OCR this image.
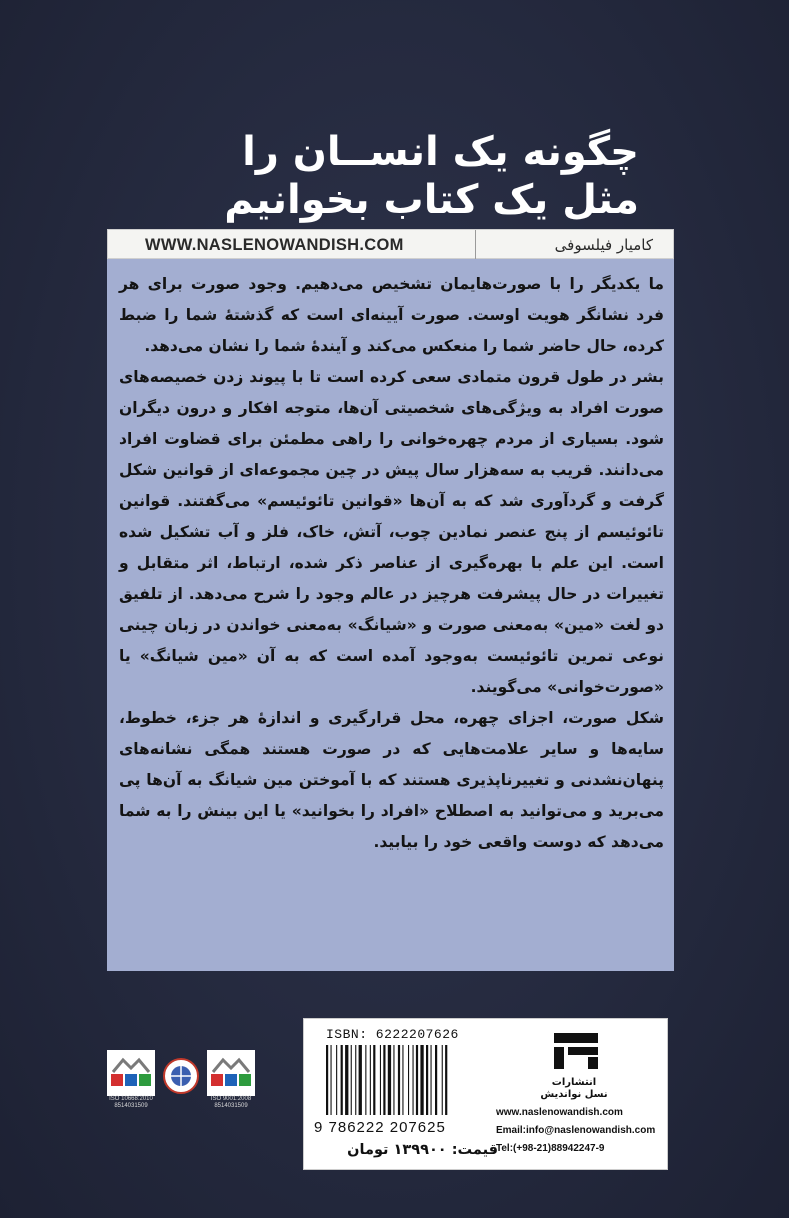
چگونه یک انســان را
مثل یک کتاب بخوانیم
WWW.NASLENOWANDISH.COM	کامیار فیلسوفی

ما یکدیگر را با صورت‌هایمان تشخیص می‌دهیم. وجود صورت برای هر فرد نشانگر هویت اوست. صورت آیینه‌ای است که گذشتهٔ شما را ضبط کرده، حال حاضر شما را منعکس می‌کند و آیندهٔ شما را نشان می‌دهد.

بشر در طول قرون متمادی سعی کرده است تا با پیوند زدن خصیصه‌های صورت افراد به ویژگی‌های شخصیتی آن‌ها، متوجه افکار و درون دیگران شود. بسیاری از مردم چهره‌خوانی را راهی مطمئن برای قضاوت افراد می‌دانند. قریب به سه‌هزار سال پیش در چین مجموعه‌ای از قوانین شکل گرفت و گردآوری شد که به آن‌ها «قوانین تائوئیسم» می‌گفتند. قوانین تائوئیسم از پنج عنصر نمادین چوب، آتش، خاک، فلز و آب تشکیل شده است. این علم با بهره‌گیری از عناصر ذکر شده، ارتباط، اثر متقابل و تغییرات در حال پیشرفت هرچیز در عالم وجود را شرح می‌دهد. از تلفیق دو لغت «مین» به‌معنی صورت و «شیانگ» به‌معنی خواندن در زبان چینی نوعی تمرین تائوئیست به‌وجود آمده است که به آن «مین شیانگ» یا «صورت‌خوانی» می‌گویند.

شکل صورت، اجزای چهره، محل قرارگیری و اندازهٔ هر جزء، خطوط، سایه‌ها و سایر علامت‌هایی که در صورت هستند همگی نشانه‌های پنهان‌نشدنی و تغییرناپذیری هستند که با آموختن مین شیانگ به آن‌ها پی می‌برید و می‌توانید به اصطلاح «افراد را بخوانید» یا این بینش را به شما می‌دهد که دوست واقعی خود را بیابید.

ISO 10668:2010
8514031509
ISO 9001:2008
8514031509
ISBN: 6222207626
9 786222 207625
قیمت: ۱۳۹۹۰۰ تومان
انتشارات
نسل نواندیش
www.naslenowandish.com
Email:info@naslenowandish.com
Tel:(+98-21)88942247-9
